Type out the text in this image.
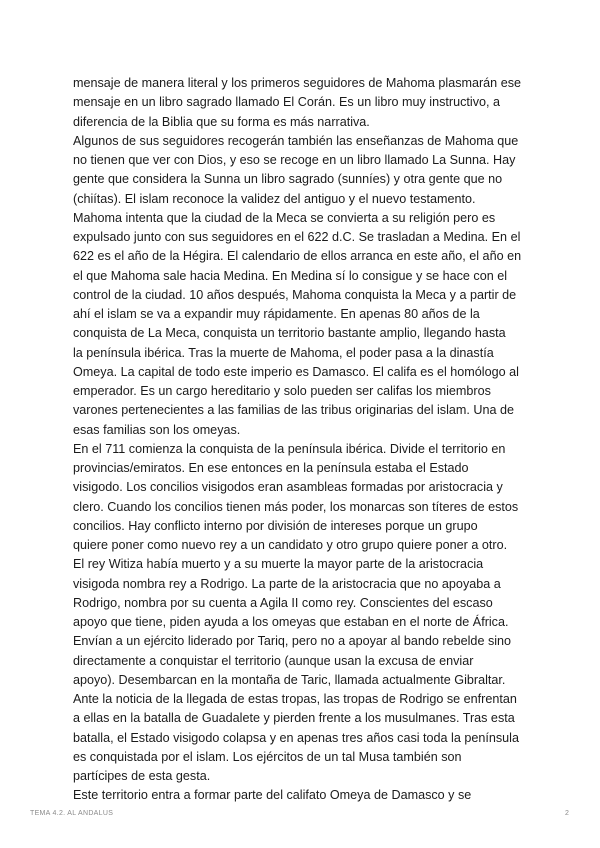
mensaje de manera literal y los primeros seguidores de Mahoma plasmarán ese
mensaje en un libro sagrado llamado El Corán. Es un libro muy instructivo, a
diferencia de la Biblia que su forma es más narrativa.
Algunos de sus seguidores recogerán también las enseñanzas de Mahoma que
no tienen que ver con Dios, y eso se recoge en un libro llamado La Sunna. Hay
gente que considera la Sunna un libro sagrado (sunníes) y otra gente que no
(chiítas). El islam reconoce la validez del antiguo y el nuevo testamento.
Mahoma intenta que la ciudad de la Meca se convierta a su religión pero es
expulsado junto con sus seguidores en el 622 d.C. Se trasladan a Medina. En el
622 es el año de la Hégira. El calendario de ellos arranca en este año, el año en
el que Mahoma sale hacia Medina. En Medina sí lo consigue y se hace con el
control de la ciudad. 10 años después, Mahoma conquista la Meca y a partir de
ahí el islam se va a expandir muy rápidamente. En apenas 80 años de la
conquista de La Meca, conquista un territorio bastante amplio, llegando hasta
la península ibérica. Tras la muerte de Mahoma, el poder pasa a la dinastía
Omeya. La capital de todo este imperio es Damasco. El califa es el homólogo al
emperador. Es un cargo hereditario y solo pueden ser califas los miembros
varones pertenecientes a las familias de las tribus originarias del islam. Una de
esas familias son los omeyas.
En el 711 comienza la conquista de la península ibérica. Divide el territorio en
provincias/emiratos. En ese entonces en la península estaba el Estado
visigodo. Los concilios visigodos eran asambleas formadas por aristocracia y
clero. Cuando los concilios tienen más poder, los monarcas son títeres de estos
concilios. Hay conflicto interno por división de intereses porque un grupo
quiere poner como nuevo rey a un candidato y otro grupo quiere poner a otro.
El rey Witiza había muerto y a su muerte la mayor parte de la aristocracia
visigoda nombra rey a Rodrigo. La parte de la aristocracia que no apoyaba a
Rodrigo, nombra por su cuenta a Agila II como rey. Conscientes del escaso
apoyo que tiene, piden ayuda a los omeyas que estaban en el norte de África.
Envían a un ejército liderado por Tariq, pero no a apoyar al bando rebelde sino
directamente a conquistar el territorio (aunque usan la excusa de enviar
apoyo). Desembarcan en la montaña de Taric, llamada actualmente Gibraltar.
Ante la noticia de la llegada de estas tropas, las tropas de Rodrigo se enfrentan
a ellas en la batalla de Guadalete y pierden frente a los musulmanes. Tras esta
batalla, el Estado visigodo colapsa y en apenas tres años casi toda la península
es conquistada por el islam. Los ejércitos de un tal Musa también son
partícipes de esta gesta.
Este territorio entra a formar parte del califato Omeya de Damasco y se
TEMA 4.2. AL ANDALUS	2
